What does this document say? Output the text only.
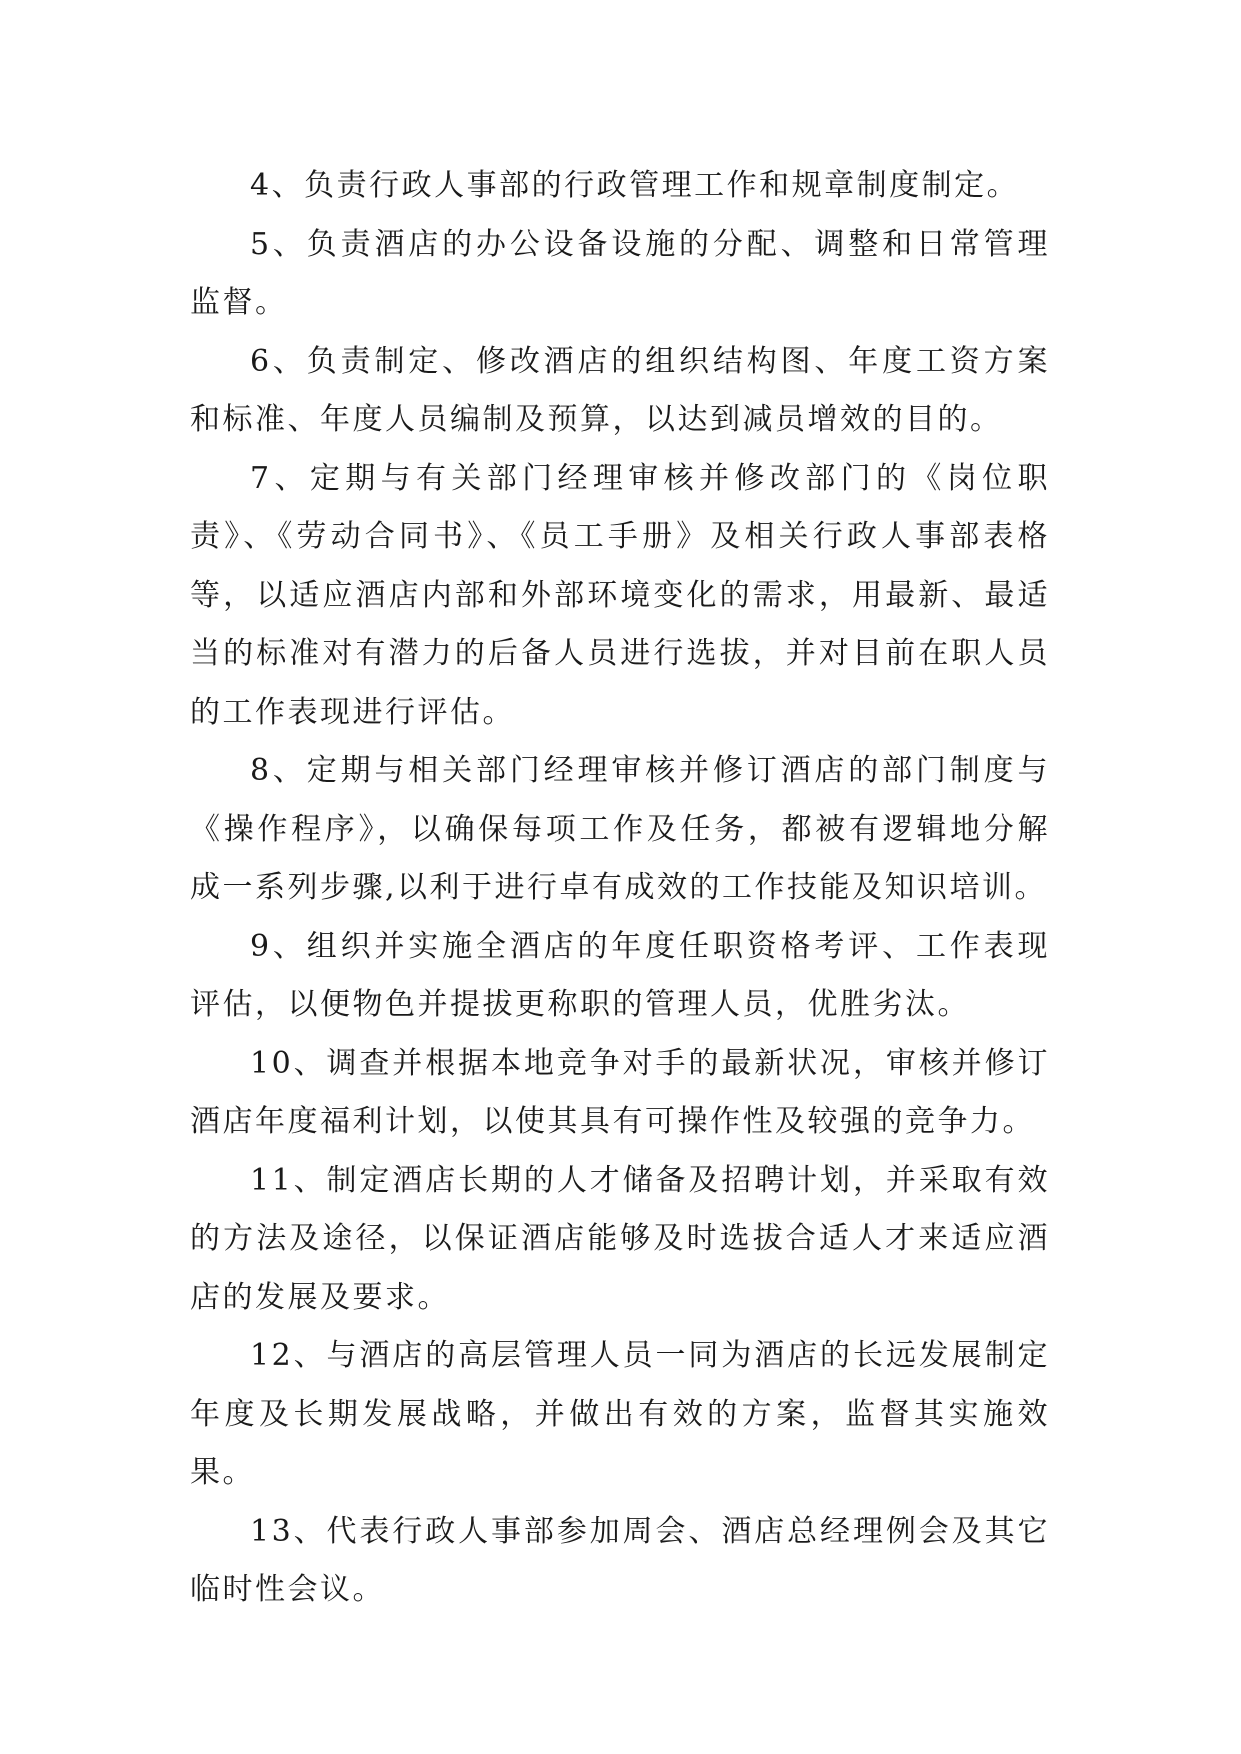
4、负责行政人事部的行政管理工作和规章制度制定。

5、负责酒店的办公设备设施的分配、调整和日常管理监督。

6、负责制定、修改酒店的组织结构图、年度工资方案和标准、年度人员编制及预算，以达到减员增效的目的。

7、定期与有关部门经理审核并修改部门的《岗位职责》、《劳动合同书》、《员工手册》及相关行政人事部表格等，以适应酒店内部和外部环境变化的需求，用最新、最适当的标准对有潜力的后备人员进行选拔，并对目前在职人员的工作表现进行评估。

8、定期与相关部门经理审核并修订酒店的部门制度与《操作程序》，以确保每项工作及任务，都被有逻辑地分解成一系列步骤,以利于进行卓有成效的工作技能及知识培训。

9、组织并实施全酒店的年度任职资格考评、工作表现评估，以便物色并提拔更称职的管理人员，优胜劣汰。

10、调查并根据本地竞争对手的最新状况，审核并修订酒店年度福利计划，以使其具有可操作性及较强的竞争力。

11、制定酒店长期的人才储备及招聘计划，并采取有效的方法及途径，以保证酒店能够及时选拔合适人才来适应酒店的发展及要求。

12、与酒店的高层管理人员一同为酒店的长远发展制定年度及长期发展战略，并做出有效的方案，监督其实施效果。

13、代表行政人事部参加周会、酒店总经理例会及其它临时性会议。
